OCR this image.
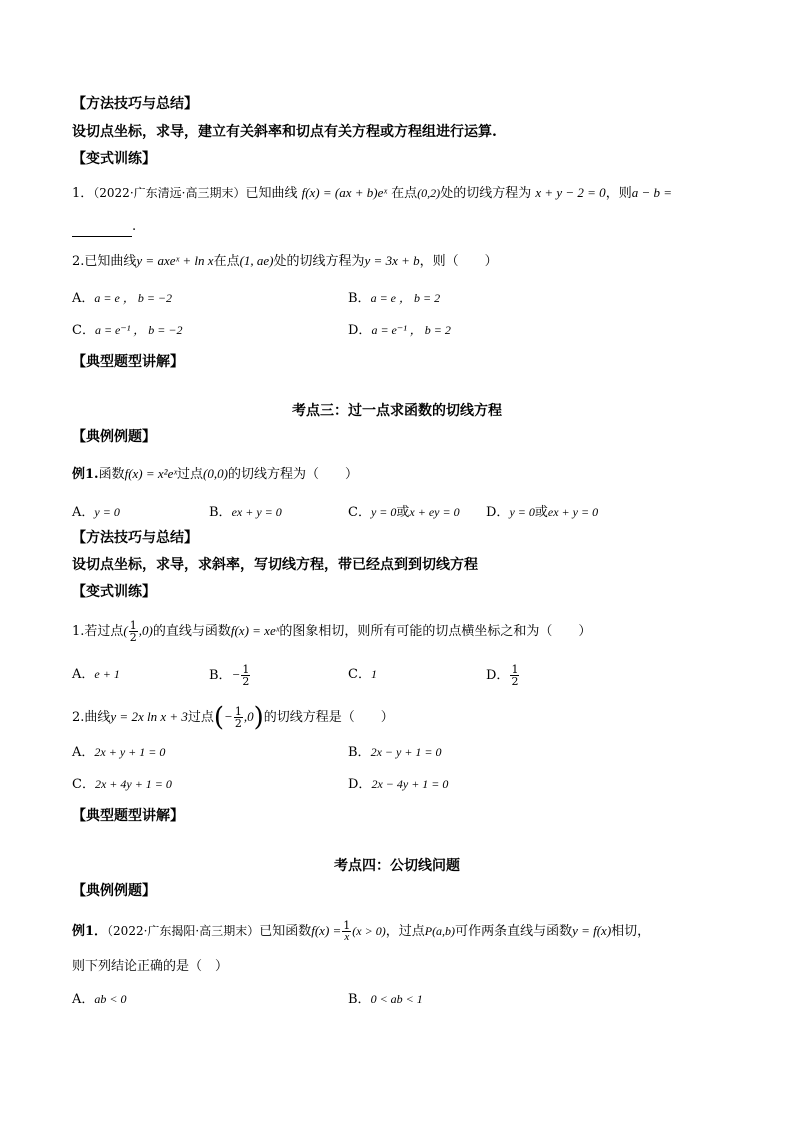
【方法技巧与总结】
设切点坐标，求导，建立有关斜率和切点有关方程或方程组进行运算.
【变式训练】
1．（2022·广东清远·高三期末）已知曲线 f(x) = (ax + b)eˣ 在点(0,2)处的切线方程为 x + y − 2 = 0，则a − b =
.
2.已知曲线y = axeˣ + ln x在点(1, ae)处的切线方程为y = 3x + b，则（　　）
A．a = e ， b = −2	B．a = e ， b = 2
C．a = e⁻¹ ， b = −2	D．a = e⁻¹ ， b = 2
【典型题型讲解】
考点三：过一点求函数的切线方程
【典例例题】
例1.函数f(x) = x²eˣ过点(0,0)的切线方程为（　　）
A．y = 0	B．ex + y = 0	C．y = 0或x + ey = 0 D．y = 0或ex + y = 0
【方法技巧与总结】
设切点坐标，求导，求斜率，写切线方程，带已经点到到切线方程
【变式训练】
1.若过点( $\frac{1}{2} ,0$)的直线与函数f(x) = xeˣ的图象相切，则所有可能的切点横坐标之和为（　　）
A．e + 1	B．− $\frac{1}{2}$	C．1	D． $\frac{1}{2}$
2.曲线y = 2x ln x + 3过点(− $\frac{1}{2} ,0$)的切线方程是（　　）
A．2x + y + 1 = 0	B．2x − y + 1 = 0
C．2x + 4y + 1 = 0	D．2x − 4y + 1 = 0
【典型题型讲解】
考点四：公切线问题
【典例例题】
例1．（2022·广东揭阳·高三期末）已知函数$f(x) = \frac{1}{x} (x > 0)$，过点P(a,b)可作两条直线与函数y = f(x)相切，
则下列结论正确的是（　）
A．ab < 0	B．0 < ab < 1
